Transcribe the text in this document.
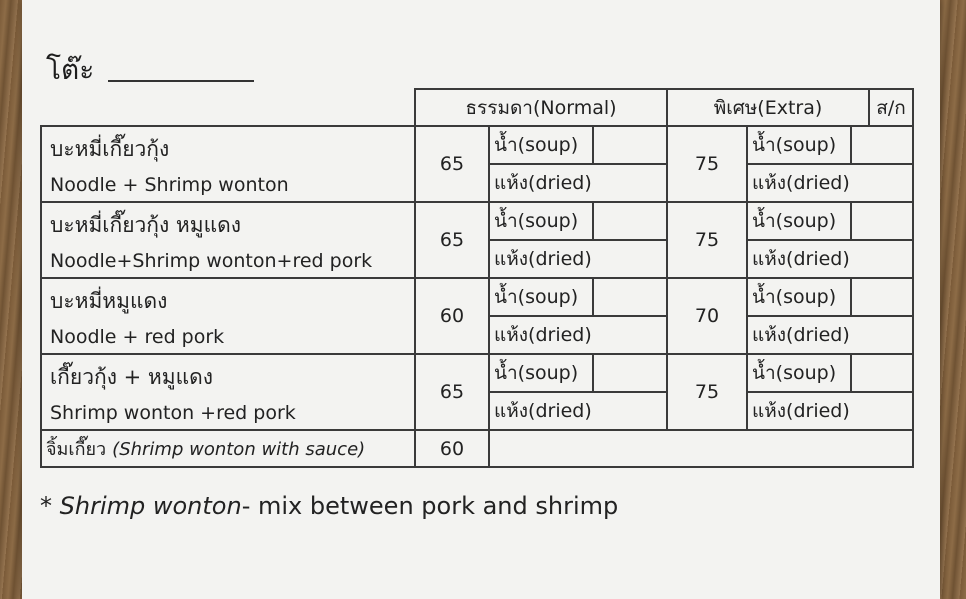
โต๊ะ
	ธรรมดา(Normal)			พิเศษ(Extra)			ส/ก

บะหมี่เกี๊ยวกุ้ง
Noodle + Shrimp wonton	65	น้ำ(soup)		75	น้ำ(soup)		
		แห้ง(dried)			แห้ง(dried)		

บะหมี่เกี๊ยวกุ้ง หมูแดง
Noodle+Shrimp wonton+red pork	65	น้ำ(soup)		75	น้ำ(soup)		
		แห้ง(dried)			แห้ง(dried)		

บะหมี่หมูแดง
Noodle + red pork	60	น้ำ(soup)		70	น้ำ(soup)		
		แห้ง(dried)			แห้ง(dried)		

เกี๊ยวกุ้ง + หมูแดง
Shrimp wonton +red pork	65	น้ำ(soup)		75	น้ำ(soup)		
		แห้ง(dried)			แห้ง(dried)		
จิ้มเกี๊ยว (Shrimp wonton with sauce)	60						
* Shrimp wonton- mix between pork and shrimp
